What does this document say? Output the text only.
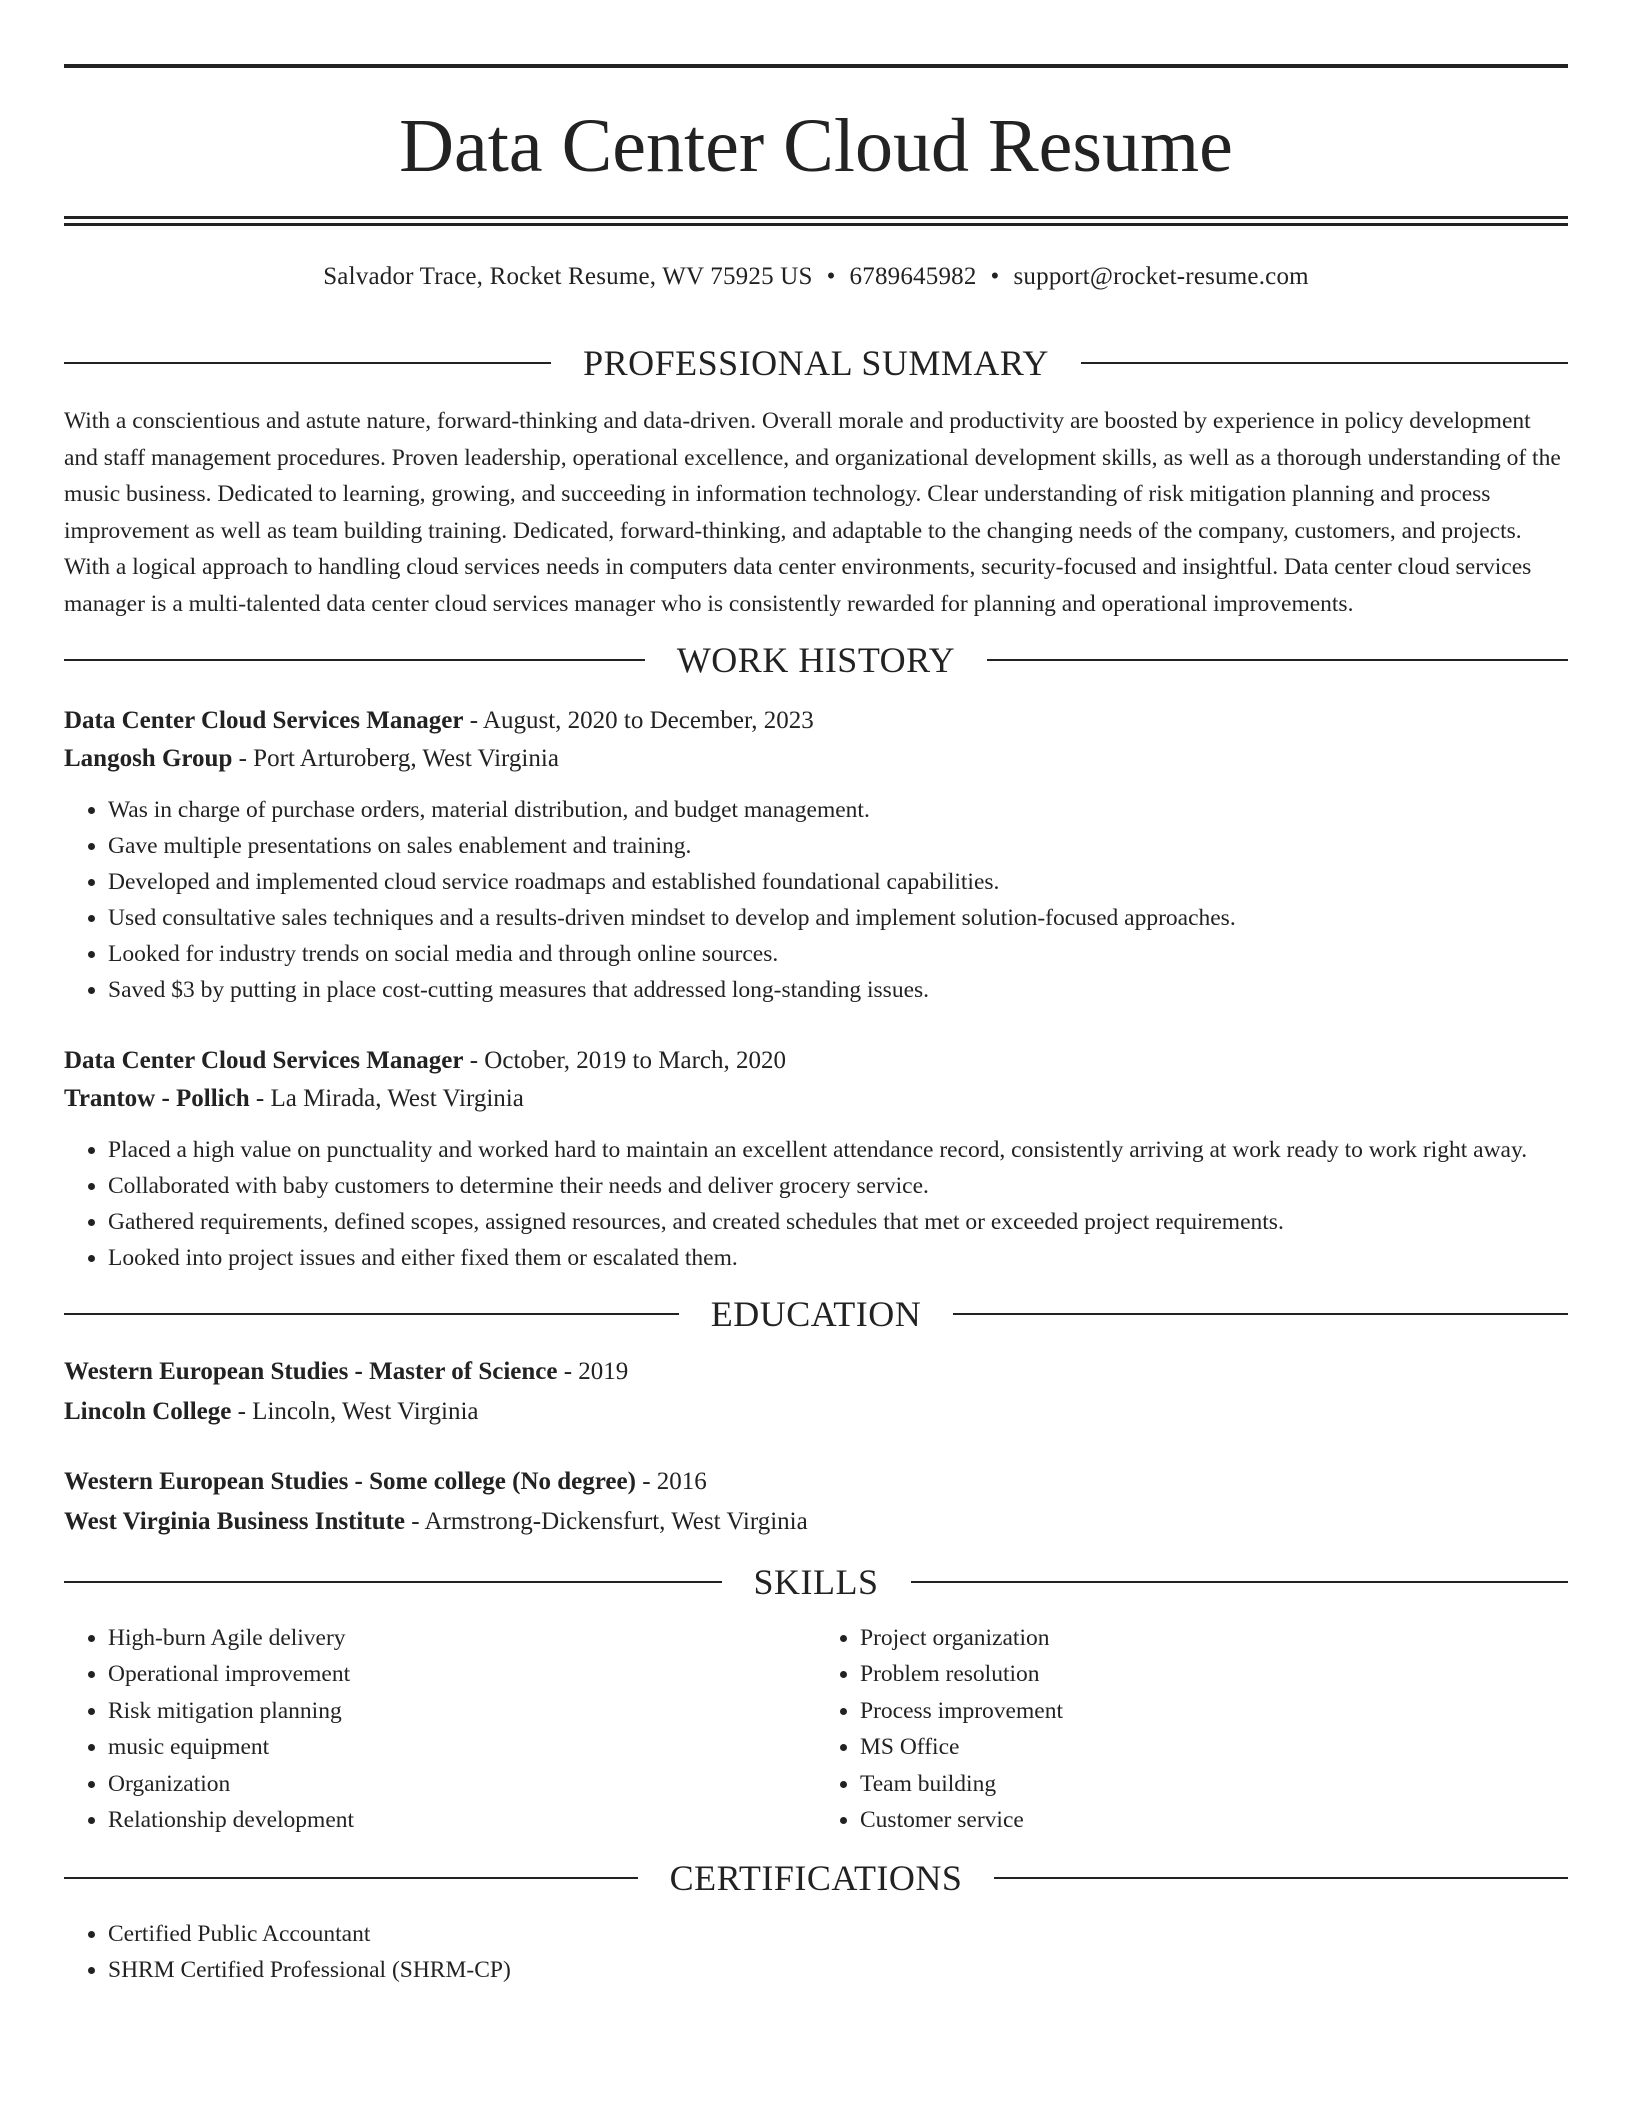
Data Center Cloud Resume
Salvador Trace, Rocket Resume, WV 75925 US • 6789645982 • support@rocket-resume.com
PROFESSIONAL SUMMARY

With a conscientious and astute nature, forward-thinking and data-driven. Overall morale and productivity are boosted by experience in policy development and staff management procedures. Proven leadership, operational excellence, and organizational development skills, as well as a thorough understanding of the music business. Dedicated to learning, growing, and succeeding in information technology. Clear understanding of risk mitigation planning and process improvement as well as team building training. Dedicated, forward-thinking, and adaptable to the changing needs of the company, customers, and projects. With a logical approach to handling cloud services needs in computers data center environments, security-focused and insightful. Data center cloud services manager is a multi-talented data center cloud services manager who is consistently rewarded for planning and operational improvements.

WORK HISTORY
Data Center Cloud Services Manager - August, 2020 to December, 2023
Langosh Group - Port Arturoberg, West Virginia
• Was in charge of purchase orders, material distribution, and budget management.
• Gave multiple presentations on sales enablement and training.
• Developed and implemented cloud service roadmaps and established foundational capabilities.
• Used consultative sales techniques and a results-driven mindset to develop and implement solution-focused approaches.
• Looked for industry trends on social media and through online sources.
• Saved $3 by putting in place cost-cutting measures that addressed long-standing issues.
Data Center Cloud Services Manager - October, 2019 to March, 2020
Trantow - Pollich - La Mirada, West Virginia
• Placed a high value on punctuality and worked hard to maintain an excellent attendance record, consistently arriving at work ready to work right away.
• Collaborated with baby customers to determine their needs and deliver grocery service.
• Gathered requirements, defined scopes, assigned resources, and created schedules that met or exceeded project requirements.
• Looked into project issues and either fixed them or escalated them.
EDUCATION
Western European Studies - Master of Science - 2019
Lincoln College - Lincoln, West Virginia
Western European Studies - Some college (No degree) - 2016
West Virginia Business Institute - Armstrong-Dickensfurt, West Virginia
SKILLS
• High-burn Agile delivery
• Operational improvement
• Risk mitigation planning
• music equipment
• Organization
• Relationship development
• Project organization
• Problem resolution
• Process improvement
• MS Office
• Team building
• Customer service
CERTIFICATIONS
• Certified Public Accountant
• SHRM Certified Professional (SHRM-CP)
